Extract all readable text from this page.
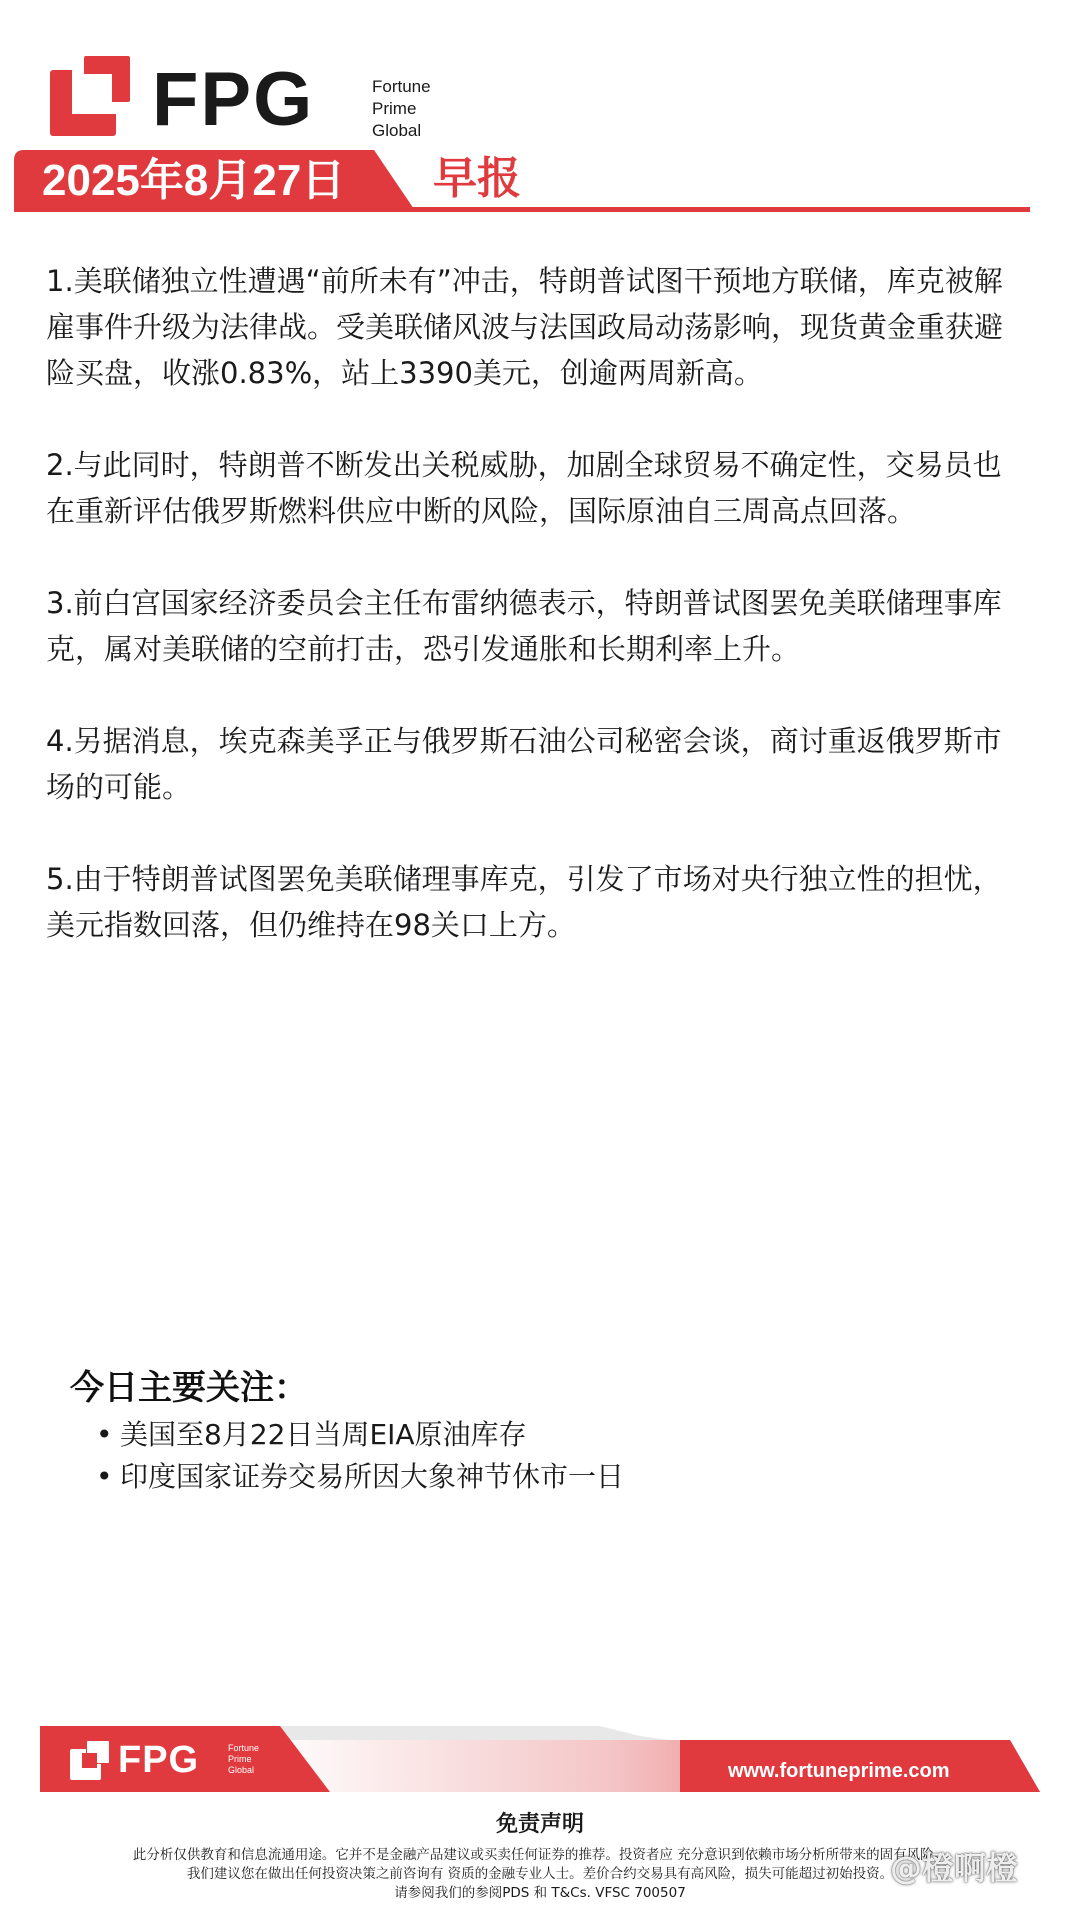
FPG	Fortune
Prime
Global
2025年8月27日 早报
1.美联储独立性遭遇“前所未有”冲击，特朗普试图干预地方联储，库克被解雇事件升级为法律战。受美联储风波与法国政局动荡影响，现货黄金重获避险买盘，收涨0.83%，站上3390美元，创逾两周新高。
2.与此同时，特朗普不断发出关税威胁，加剧全球贸易不确定性，交易员也在重新评估俄罗斯燃料供应中断的风险，国际原油自三周高点回落。
3.前白宫国家经济委员会主任布雷纳德表示，特朗普试图罢免美联储理事库克，属对美联储的空前打击，恐引发通胀和长期利率上升。
4.另据消息，埃克森美孚正与俄罗斯石油公司秘密会谈，商讨重返俄罗斯市场的可能。
5.由于特朗普试图罢免美联储理事库克，引发了市场对央行独立性的担忧，美元指数回落，但仍维持在98关口上方。
今日主要关注：
• 美国至8月22日当周EIA原油库存
• 印度国家证券交易所因大象神节休市一日
FPG	Fortune
Prime
Global	www.fortuneprime.com
免责声明
此分析仅供教育和信息流通用途。它并不是金融产品建议或买卖任何证券的推荐。投资者应 充分意识到依赖市场分析所带来的固有风险。
我们建议您在做出任何投资决策之前咨询有 资质的金融专业人士。差价合约交易具有高风险，损失可能超过初始投资。
请参阅我们的参阅PDS 和 T&Cs. VFSC 700507
@橙啊橙
